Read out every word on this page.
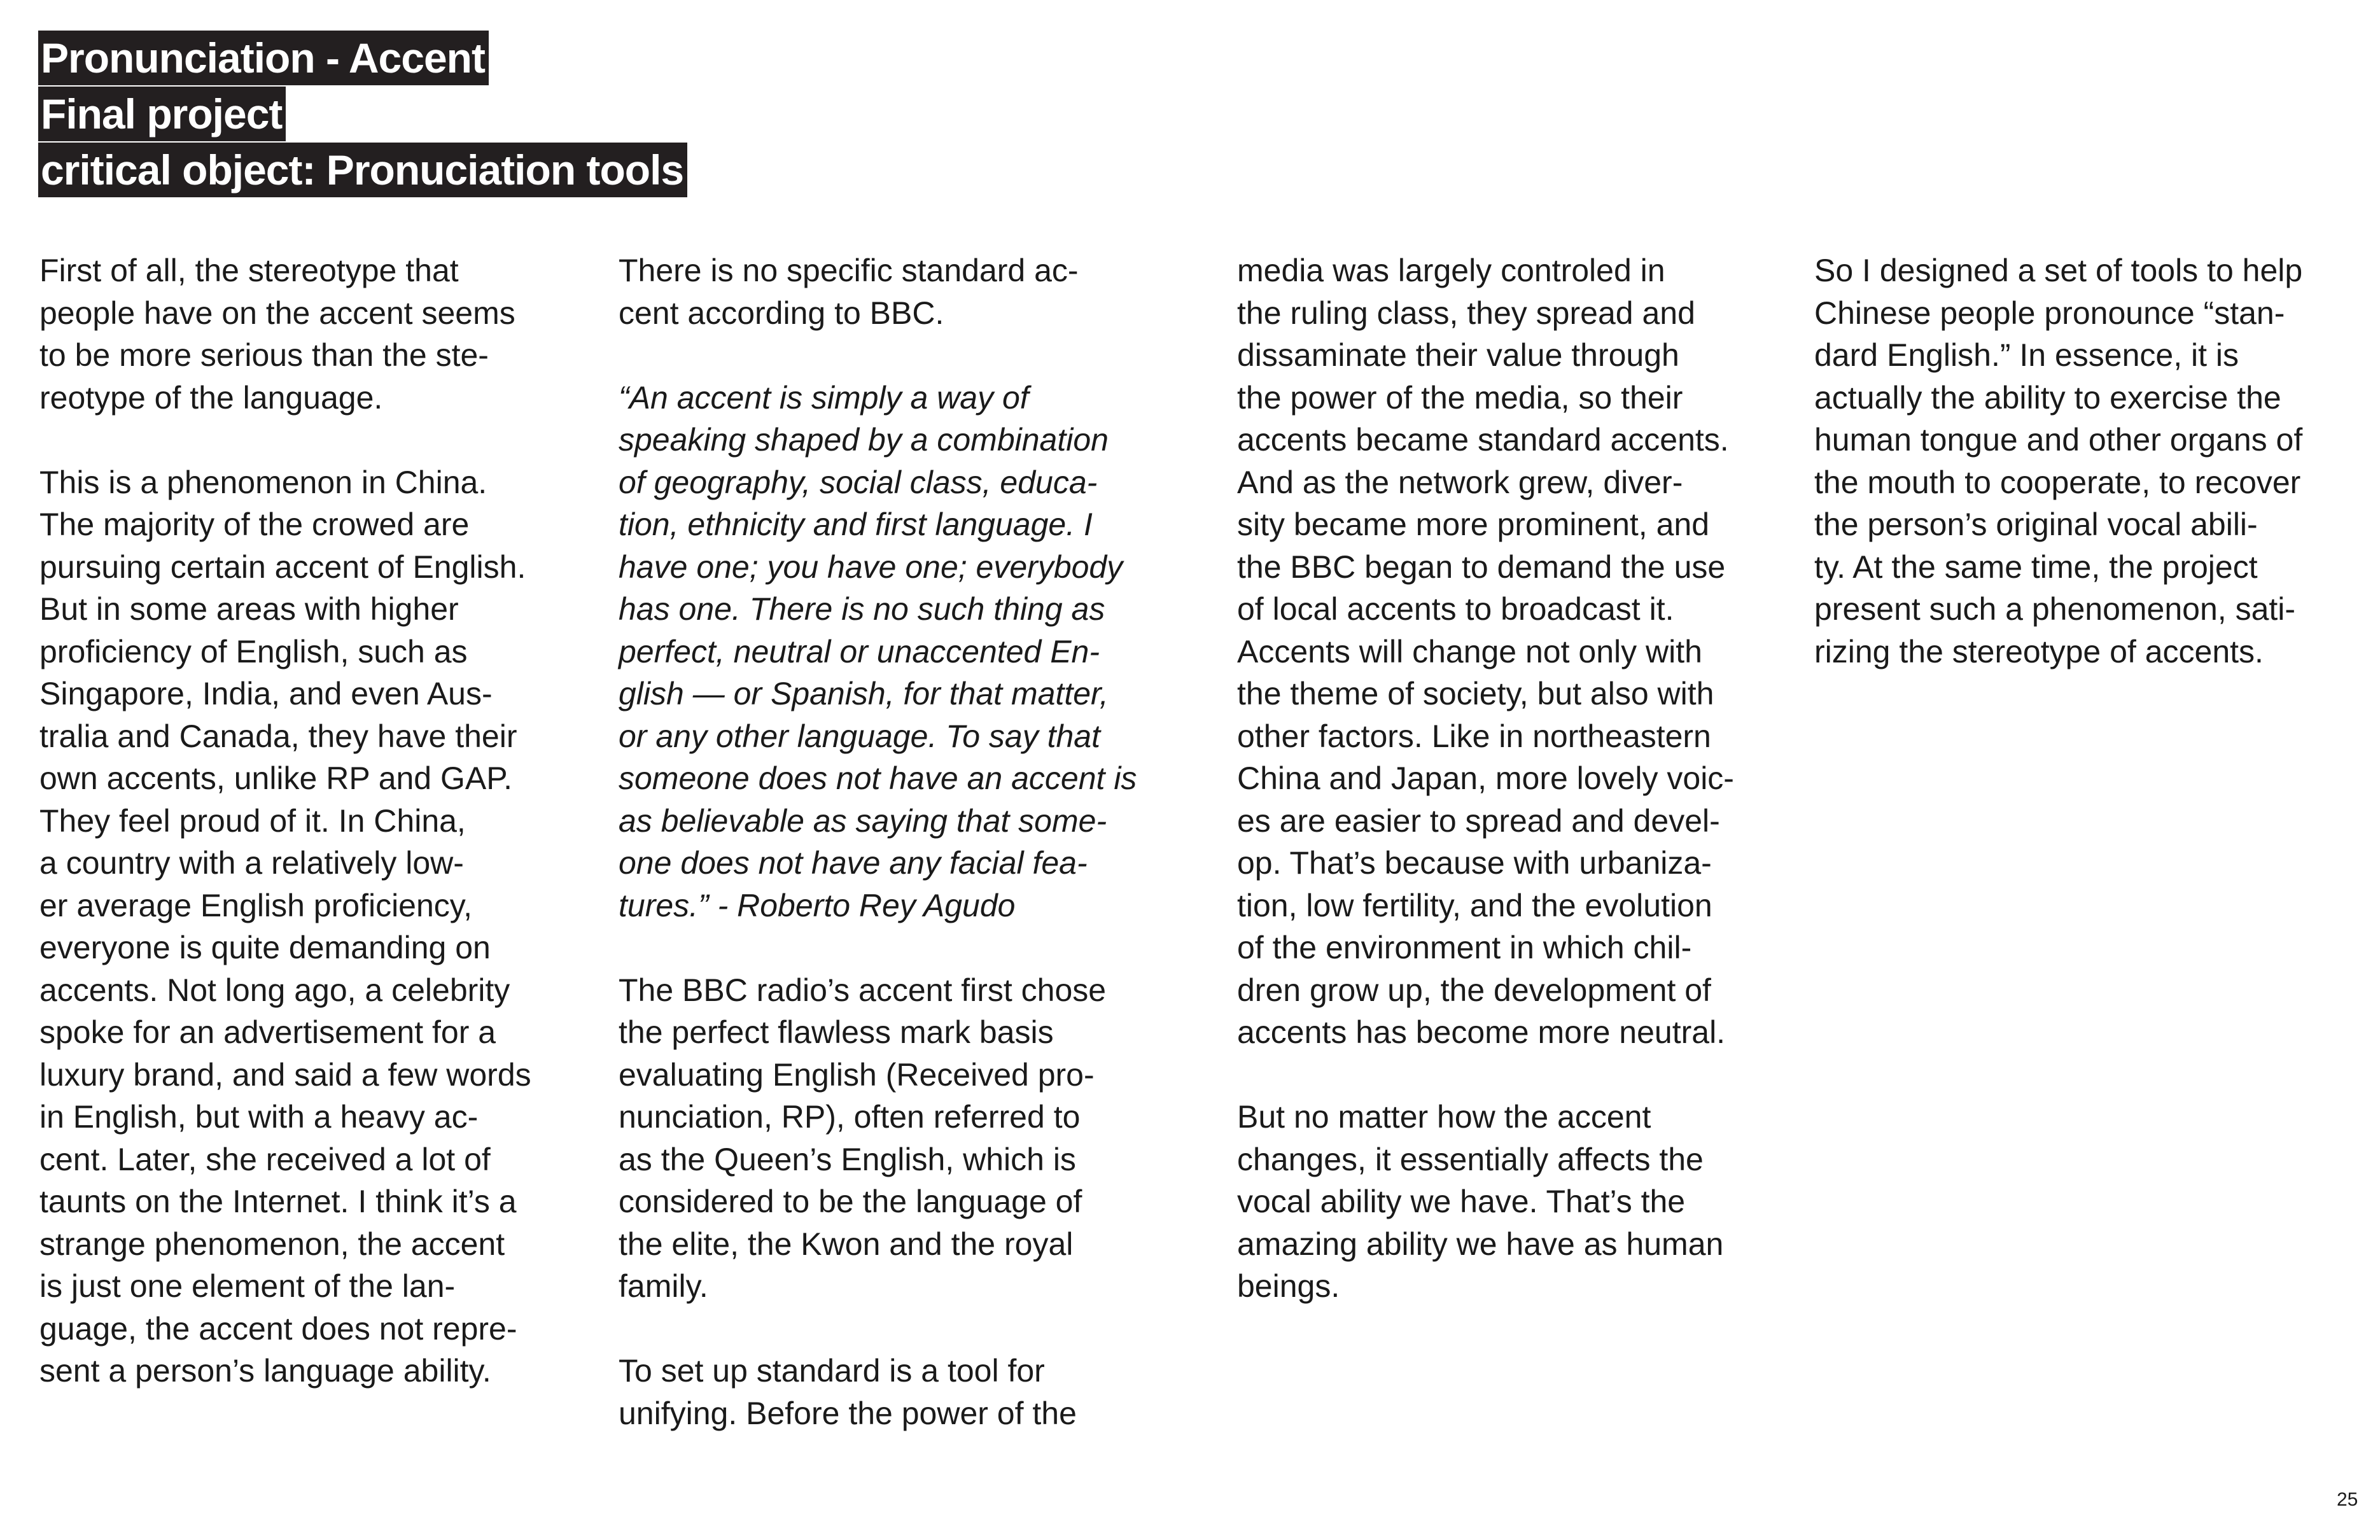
Pronunciation - Accent
Final project
critical object: Pronuciation tools
First of all, the stereotype that
people have on the accent seems
to be more serious than the ste-
reotype of the language.
This is a phenomenon in China.
The majority of the crowed are
pursuing certain accent of English.
But in some areas with higher
proficiency of English, such as
Singapore, India, and even Aus-
tralia and Canada, they have their
own accents, unlike RP and GAP.
They feel proud of it. In China,
a country with a relatively low-
er average English proficiency,
everyone is quite demanding on
accents. Not long ago, a celebrity
spoke for an advertisement for a
luxury brand, and said a few words
in English, but with a heavy ac-
cent. Later, she received a lot of
taunts on the Internet. I think it’s a
strange phenomenon, the accent
is just one element of the lan-
guage, the accent does not repre-
sent a person’s language ability.
There is no specific standard ac-
cent according to BBC.
“An accent is simply a way of
speaking shaped by a combination
of geography, social class, educa-
tion, ethnicity and first language. I
have one; you have one; everybody
has one. There is no such thing as
perfect, neutral or unaccented En-
glish — or Spanish, for that matter,
or any other language. To say that
someone does not have an accent is
as believable as saying that some-
one does not have any facial fea-
tures.” - Roberto Rey Agudo
The BBC radio’s accent first chose
the perfect flawless mark basis
evaluating English (Received pro-
nunciation, RP), often referred to
as the Queen’s English, which is
considered to be the language of
the elite, the Kwon and the royal
family.
To set up standard is a tool for
unifying. Before the power of the
media was largely controled in
the ruling class, they spread and
dissaminate their value through
the power of the media, so their
accents became standard accents.
And as the network grew, diver-
sity became more prominent, and
the BBC began to demand the use
of local accents to broadcast it.
Accents will change not only with
the theme of society, but also with
other factors. Like in northeastern
China and Japan, more lovely voic-
es are easier to spread and devel-
op. That’s because with urbaniza-
tion, low fertility, and the evolution
of the environment in which chil-
dren grow up, the development of
accents has become more neutral.
But no matter how the accent
changes, it essentially affects the
vocal ability we have. That’s the
amazing ability we have as human
beings.
So I designed a set of tools to help
Chinese people pronounce “stan-
dard English.” In essence, it is
actually the ability to exercise the
human tongue and other organs of
the mouth to cooperate, to recover
the person’s original vocal abili-
ty. At the same time, the project
present such a phenomenon, sati-
rizing the stereotype of accents.
25
